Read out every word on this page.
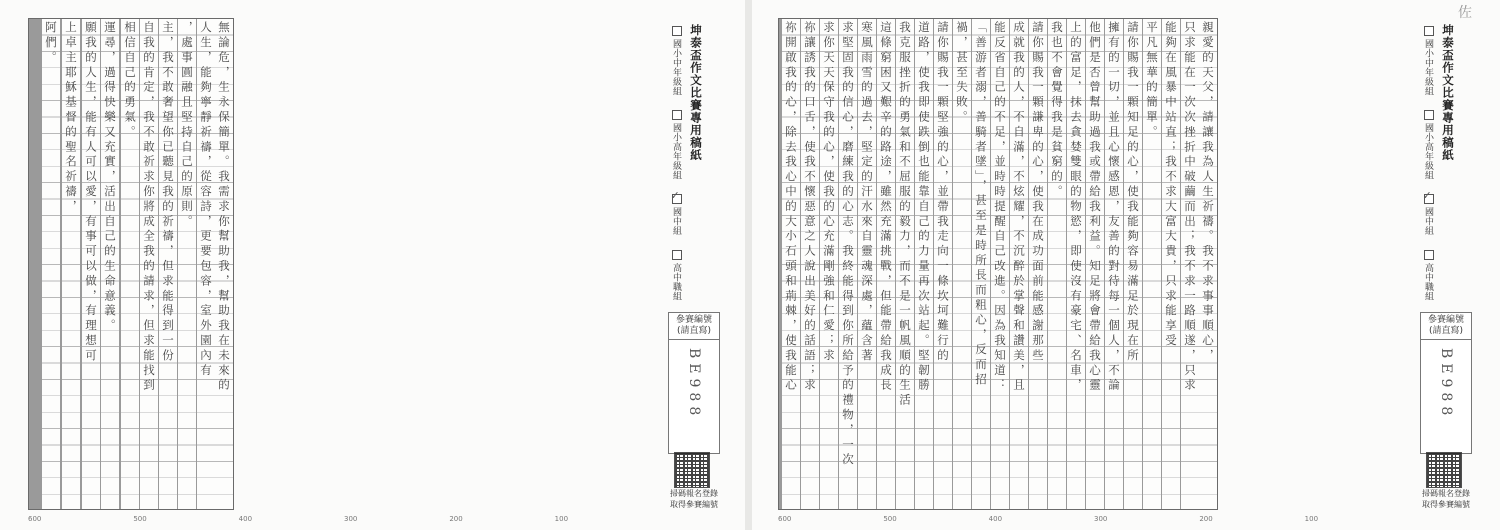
無論危，生永保簡單。我需求你幫助我，幫助我在未來的
人生，能夠寧靜祈禱，從容詩，更要包容，室外園內有
，處事圓融且堅持自己的原則。
主，我不敢奢望你已聽見我的祈禱，但求能得到一份
自我的肯定，我不敢祈求你將成全我的請求，但求能找到
相信自己的勇氣。
運尋，過得快樂又充實，活出自己的生命意義。
願我的人生，能有人可以愛，有事可以做，有理想可
上卓主耶穌基督的聖名祈禱，
阿們。	坤泰盃作文比賽專用稿紙
國小中年級組
國小高年級組
✓
國中組
高中職組
參賽編號
(請直寫)
BE988
掃碼報名登錄 取得參賽編號
600	500	400	300	200	100
親愛的天父，請讓我為人生祈禱。我不求事事順心，
只求能在一次次挫折中破繭而出；我不求一路順遂，只求
能夠在風暴中站直；我不求大富大貴，只求能享受
平凡無華的簡單。
請你賜我一顆知足的心，使我能夠容易滿足於現在所
擁有的一切，並且心懷感恩，友善的對待每一個人，不論
他們是否曾幫助過我或帶給我利益。知足將會帶給我心靈
上的富足，抹去貪婪雙眼的物慾，即使沒有豪宅、名車，
我也不會覺得我是貧窮的。
請你賜我一顆謙卑的心，使我在成功面前能感謝那些
成就我的人，不自滿，不炫耀，不沉醉於掌聲和讚美，且
能反省自己的不足，並時時提醒自己改進。因為我知道：
「善游者溺，善騎者墜」，甚至是時所長而粗心，反而招
禍，甚至失敗。
請你賜我一顆堅強的心，並帶我走向一條坎坷難行的
道路，使我即使跌倒也能靠自己的力量再次站起。堅韌勝
我克服挫折的勇氣和不屈服的毅力，而不是一帆風順的生活
這條窮困又艱辛的路途，雖然充滿挑戰，但能帶給我成長
寒風雨雪的過去，堅定的汗水來自靈魂深處，蘊含著
求堅固我的信心，磨練我的心志。我終能得到你所給予的禮物，一次
求你天天保守我的心，使我的心充滿剛強和仁愛；求
祢讓誘我的口舌，使我不懷惡意之人說出美好的話語；求
祢開啟我的心，除去我心中的大小石頭和荊棘，使我能心	坤泰盃作文比賽專用稿紙
國小中年級組
國小高年級組
✓
國中組
高中職組
參賽編號
(請直寫)
BE988
掃碼報名登錄 取得參賽編號
600	500	400	300	200	100
佐
